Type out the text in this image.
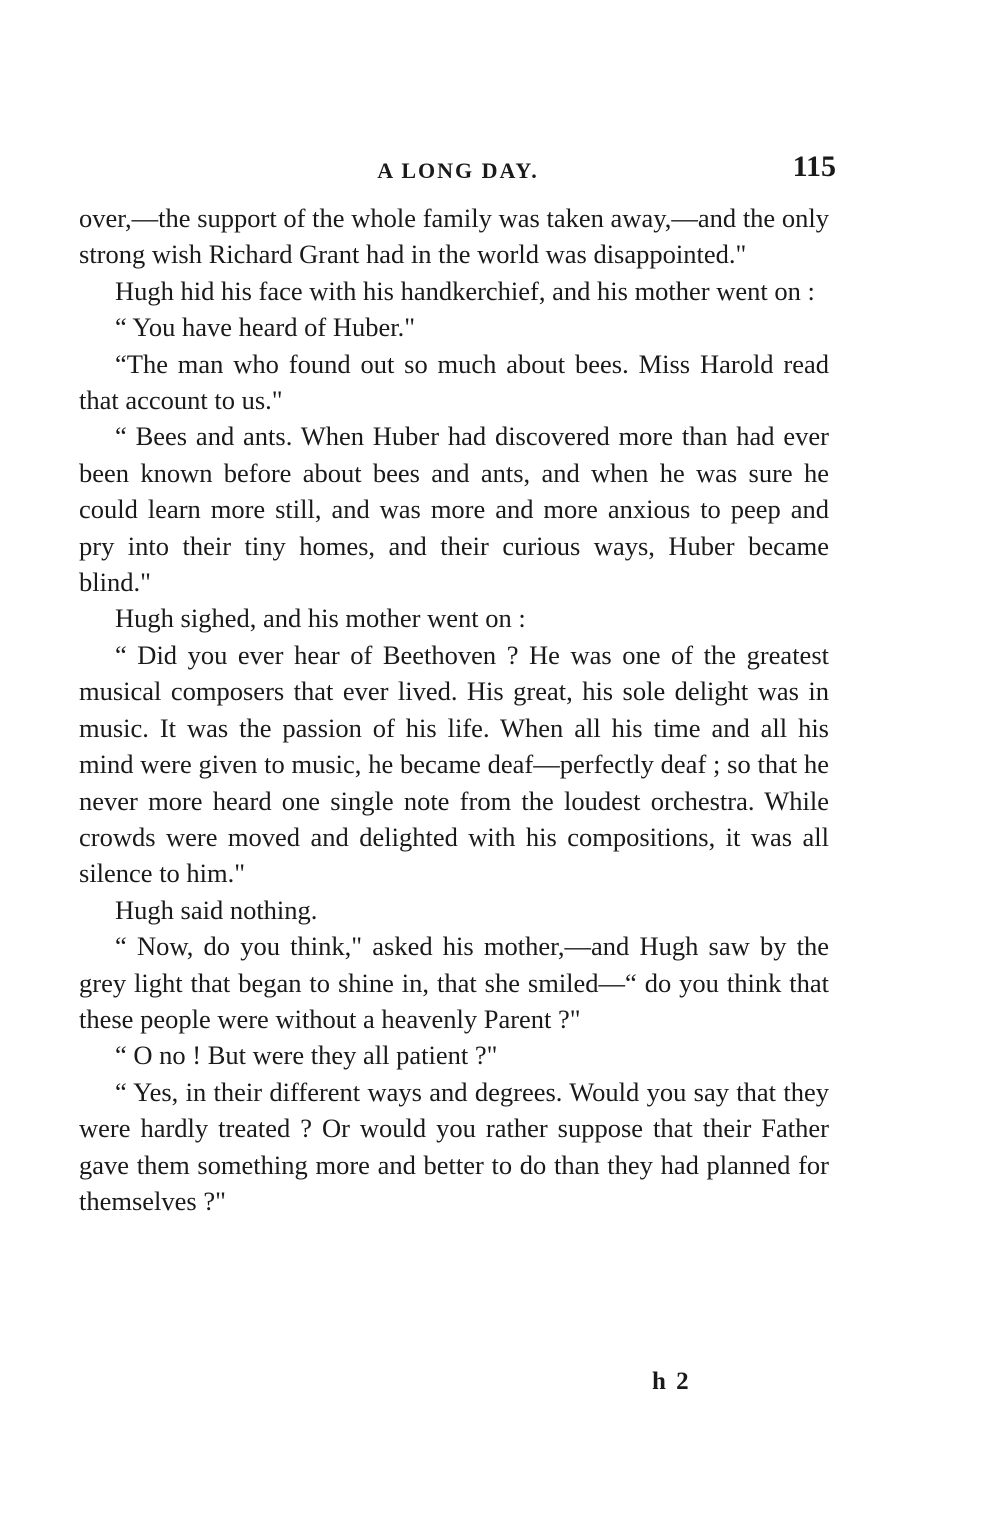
A LONG DAY.	115

over,—the support of the whole family was taken away,—and the only strong wish Richard Grant had in the world was disappointed."

Hugh hid his face with his handkerchief, and his mother went on :

“ You have heard of Huber."

“The man who found out so much about bees. Miss Harold read that account to us."

“ Bees and ants. When Huber had discovered more than had ever been known before about bees and ants, and when he was sure he could learn more still, and was more and more anxious to peep and pry into their tiny homes, and their curious ways, Huber became blind."

Hugh sighed, and his mother went on :

“ Did you ever hear of Beethoven ? He was one of the greatest musical composers that ever lived. His great, his sole delight was in music. It was the passion of his life. When all his time and all his mind were given to music, he became deaf—perfectly deaf ; so that he never more heard one single note from the loudest orchestra. While crowds were moved and delighted with his compositions, it was all silence to him."

Hugh said nothing.

“ Now, do you think," asked his mother,—and Hugh saw by the grey light that began to shine in, that she smiled—“ do you think that these people were without a heavenly Parent ?"

“ O no ! But were they all patient ?"

“ Yes, in their different ways and degrees. Would you say that they were hardly treated ? Or would you rather suppose that their Father gave them something more and better to do than they had planned for themselves ?"

h 2
